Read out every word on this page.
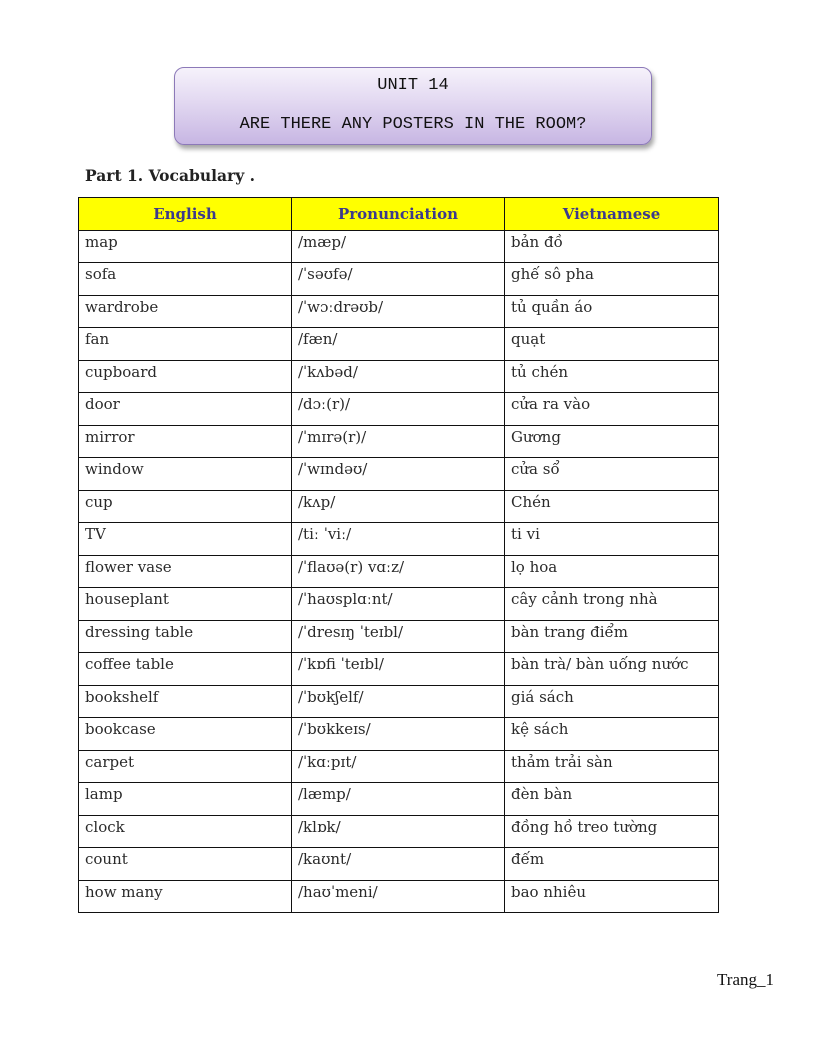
UNIT 14
ARE THERE ANY POSTERS IN THE ROOM?
Part 1. Vocabulary .
English	Pronunciation	Vietnamese
map	/mæp/	bản đồ
sofa	/ˈsəʊfə/	ghế sô pha
wardrobe	/ˈwɔːdrəʊb/	tủ quần áo
fan	/fæn/	quạt
cupboard	/ˈkʌbəd/	tủ chén
door	/dɔː(r)/	cửa ra vào
mirror	/ˈmɪrə(r)/	Gương
window	/ˈwɪndəʊ/	cửa sổ
cup	/kʌp/	Chén
TV	/tiː ˈviː/	ti vi
flower vase	/ˈflaʊə(r) vɑːz/	lọ hoa
houseplant	/ˈhaʊsplɑːnt/	cây cảnh trong nhà
dressing table	/ˈdresɪŋ ˈteɪbl/	bàn trang điểm
coffee table	/ˈkɒfi ˈteɪbl/	bàn trà/ bàn uống nước
bookshelf	/ˈbʊkʃelf/	giá sách
bookcase	/ˈbʊkkeɪs/	kệ sách
carpet	/ˈkɑːpɪt/	thảm trải sàn
lamp	/læmp/	đèn bàn
clock	/klɒk/	đồng hồ treo tường
count	/kaʊnt/	đếm
how many	/haʊˈmeni/	bao nhiêu
Trang_1
